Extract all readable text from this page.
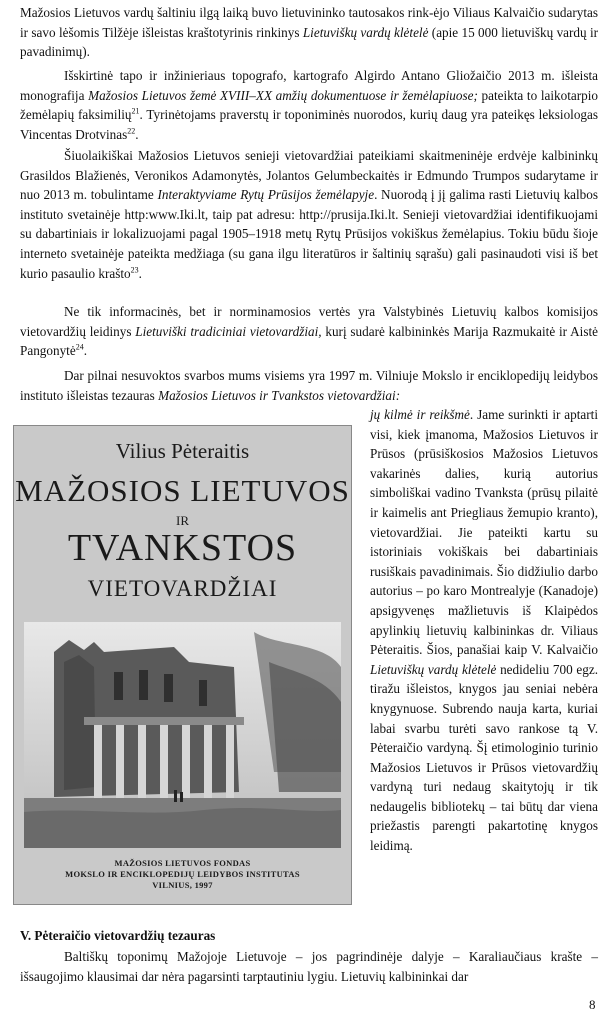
Mažosios Lietuvos vardų šaltiniu ilgą laiką buvo lietuvininko tautosakos rink-ėjo Viliaus Kalvaičio sudarytas ir savo lėšomis Tilžėje išleistas kraštotyrinis rinkinys Lietuviškų vardų klėtelė (apie 15 000 lietuviškų vardų ir pavadinimų).

Išskirtinė tapo ir inžinieriaus topografo, kartografo Algirdo Antano Gliožaičio 2013 m. išleista monografija Mažosios Lietuvos žemė XVIII–XX amžių dokumentuose ir žemėlapiuose; pateikta to laikotarpio žemėlapių faksimilių$^{21}$. Tyrinėtojams praverstų ir toponiminės nuorodos, kurių daug yra pateikęs leksiologas Vincentas Drotvinas$^{22}$.

Šiuolaikiškai Mažosios Lietuvos senieji vietovardžiai pateikiami skaitmeninėje erdvėje kalbininkų Grasildos Blažienės, Veronikos Adamonytės, Jolantos Gelumbeckaitės ir Edmundo Trumpos sudarytame ir nuo 2013 m. tobulintame Interaktyviame Rytų Prūsijos žemėlapyje. Nuorodą į jį galima rasti Lietuvių kalbos instituto svetainėje http:www.Iki.lt, taip pat adresu: http://prusija.Iki.lt. Senieji vietovardžiai identifikuojami su dabartiniais ir lokalizuojami pagal 1905–1918 metų Rytų Prūsijos vokiškus žemėlapius. Tokiu būdu šioje interneto svetainėje pateikta medžiaga (su gana ilgu literatūros ir šaltinių sąrašu) gali pasinaudoti visi iš bet kurio pasaulio krašto$^{23}$.

Ne tik informacinės, bet ir norminamosios vertės yra Valstybinės Lietuvių kalbos komisijos vietovardžių leidinys Lietuviški tradiciniai vietovardžiai, kurį sudarė kalbininkės Marija Razmukaitė ir Aistė Pangonytė$^{24}$.

Dar pilnai nesuvoktos svarbos mums visiems yra 1997 m. Vilniuje Mokslo ir enciklopedijų leidybos instituto išleistas tezauras Mažosios Lietuvos ir Tvankstos vietovardžiai:

Vilius Pėteraitis
MAŽOSIOS LIETUVOS
IR
TVANKSTOS
VIETOVARDŽIAI
MAŽOSIOS LIETUVOS FONDAS
MOKSLO IR ENCIKLOPEDIJŲ LEIDYBOS INSTITUTAS
VILNIUS, 1997

jų kilmė ir reikšmė. Jame surinkti ir aptarti visi, kiek įmanoma, Mažosios Lietuvos ir Prūsos (prūsiškosios Mažosios Lietuvos vakarinės dalies, kurią autorius simboliškai vadino Tvanksta (prūsų pilaitė ir kaimelis ant Priegliaus žemupio kranto), vietovardžiai. Jie pateikti kartu su istoriniais vokiškais bei dabartiniais rusiškais pavadinimais. Šio didžiulio darbo autorius – po karo Montrealyje (Kanadoje) apsigyvenęs mažlietuvis iš Klaipėdos apylinkių lietuvių kalbininkas dr. Viliaus Pėteraitis. Šios, panašiai kaip V. Kalvaičio Lietuviškų vardų klėtelė nedideliu 700 egz. tiražu išleistos, knygos jau seniai nebėra knygynuose. Subrendo nauja karta, kuriai labai svarbu turėti savo rankose tą V. Pėteraičio vardyną. Šį etimologinio turinio Mažosios Lietuvos ir Prūsos vietovardžių vardyną turi nedaug skaitytojų ir tik nedaugelis bibliotekų – tai būtų dar viena priežastis parengti pakartotinę knygos leidimą.

V. Pėteraičio vietovardžių tezauras

Baltiškų toponimų Mažojoje Lietuvoje – jos pagrindinėje dalyje – Karaliaučiaus krašte – išsaugojimo klausimai dar nėra pagarsinti tarptautiniu lygiu. Lietuvių kalbininkai dar

8
